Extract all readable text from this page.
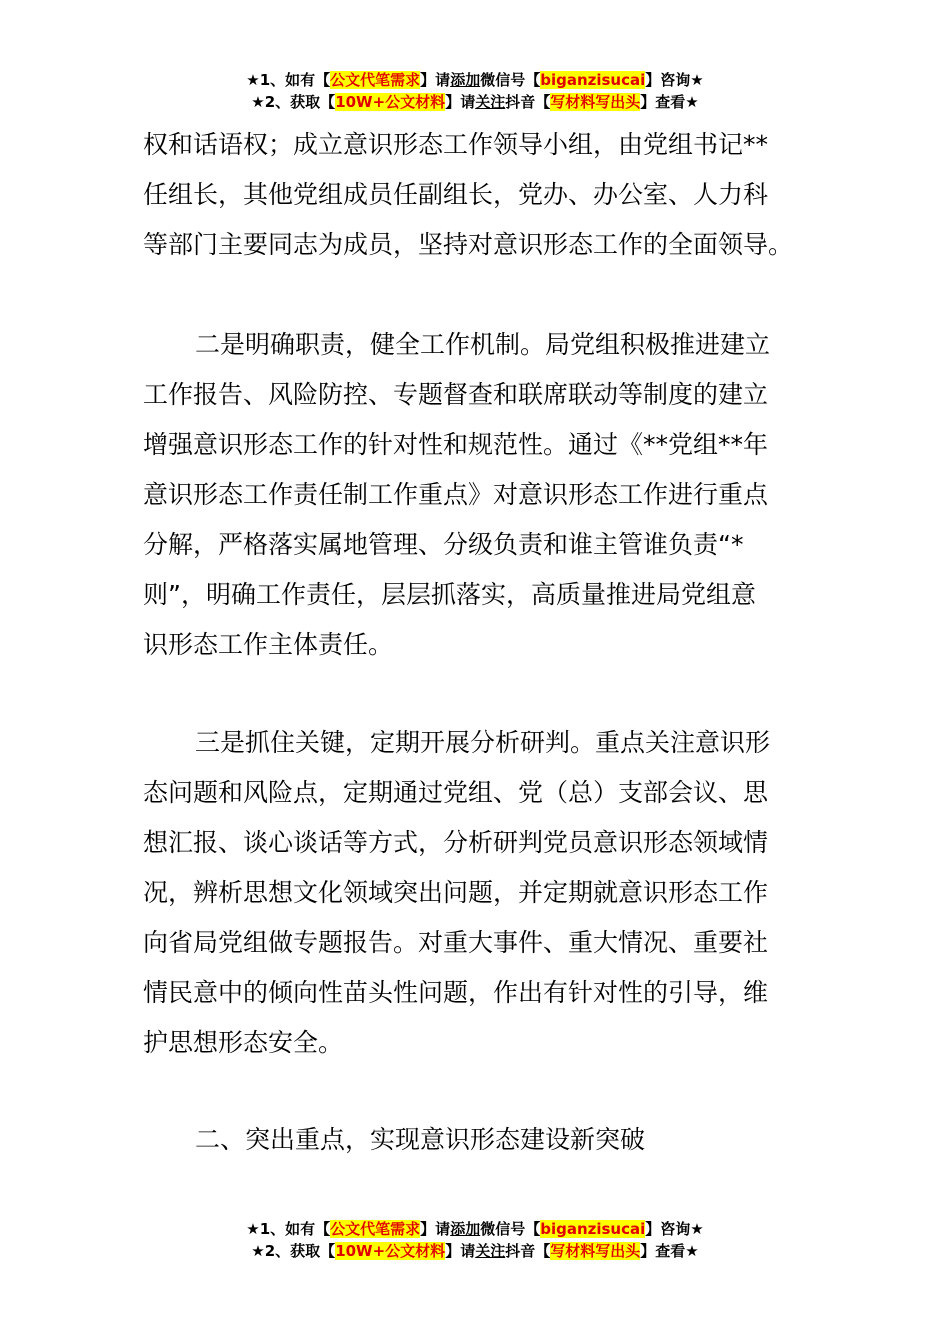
★1、如有【公文代笔需求】请添加微信号【biganzisucai】咨询★
★2、获取【10W+公文材料】请关注抖音【写材料写出头】查看★
权和话语权；成立意识形态工作领导小组，由党组书记**
任组长，其他党组成员任副组长，党办、办公室、人力科
等部门主要同志为成员，坚持对意识形态工作的全面领导。
二是明确职责，健全工作机制。局党组积极推进建立
工作报告、风险防控、专题督查和联席联动等制度的建立
增强意识形态工作的针对性和规范性。通过《**党组**年
意识形态工作责任制工作重点》对意识形态工作进行重点
分解，严格落实属地管理、分级负责和谁主管谁负责“*
则”，明确工作责任，层层抓落实，高质量推进局党组意
识形态工作主体责任。
三是抓住关键，定期开展分析研判。重点关注意识形
态问题和风险点，定期通过党组、党（总）支部会议、思
想汇报、谈心谈话等方式，分析研判党员意识形态领域情
况，辨析思想文化领域突出问题，并定期就意识形态工作
向省局党组做专题报告。对重大事件、重大情况、重要社
情民意中的倾向性苗头性问题，作出有针对性的引导，维
护思想形态安全。
二、突出重点，实现意识形态建设新突破
★1、如有【公文代笔需求】请添加微信号【biganzisucai】咨询★
★2、获取【10W+公文材料】请关注抖音【写材料写出头】查看★
